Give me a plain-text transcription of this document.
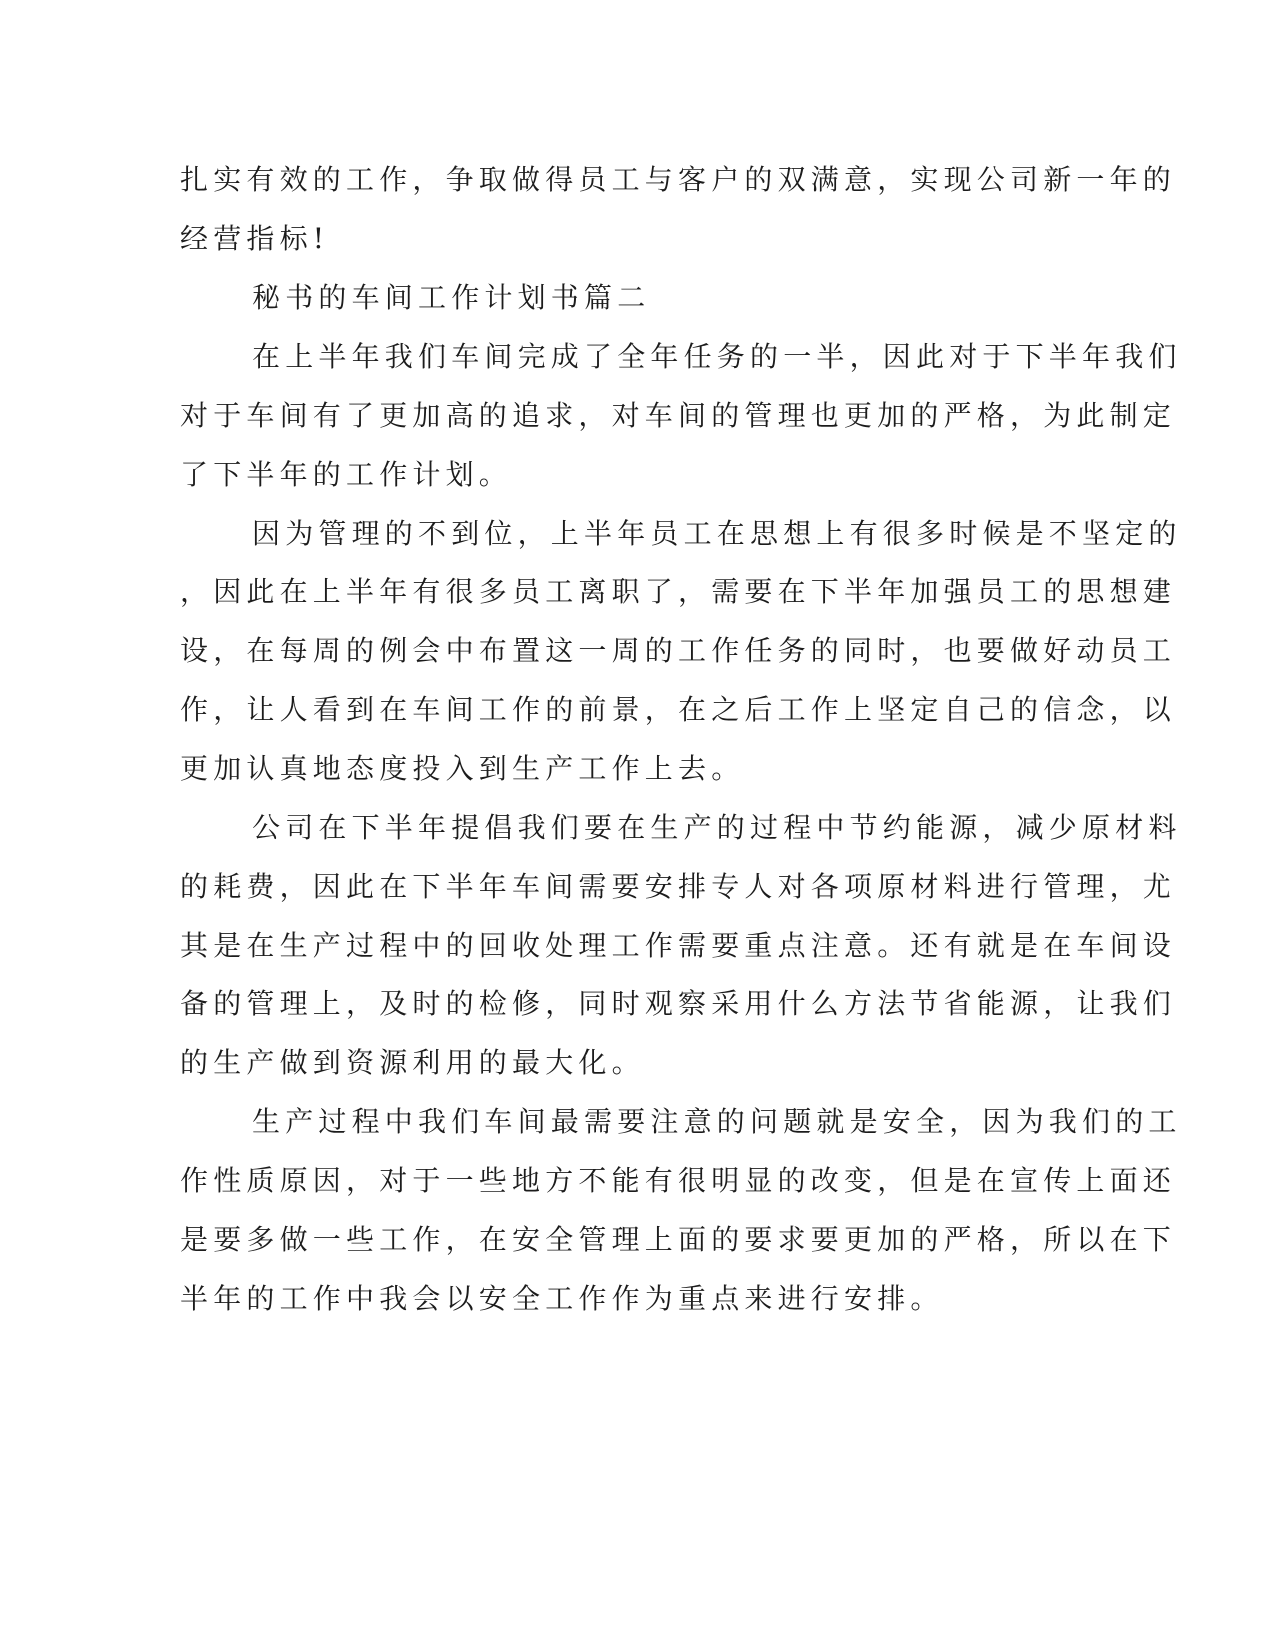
扎实有效的工作，争取做得员工与客户的双满意，实现公司新一年的
经营指标!
秘书的车间工作计划书篇二
在上半年我们车间完成了全年任务的一半，因此对于下半年我们
对于车间有了更加高的追求，对车间的管理也更加的严格，为此制定
了下半年的工作计划。
因为管理的不到位，上半年员工在思想上有很多时候是不坚定的
，因此在上半年有很多员工离职了，需要在下半年加强员工的思想建
设，在每周的例会中布置这一周的工作任务的同时，也要做好动员工
作，让人看到在车间工作的前景，在之后工作上坚定自己的信念，以
更加认真地态度投入到生产工作上去。
公司在下半年提倡我们要在生产的过程中节约能源，减少原材料
的耗费，因此在下半年车间需要安排专人对各项原材料进行管理，尤
其是在生产过程中的回收处理工作需要重点注意。还有就是在车间设
备的管理上，及时的检修，同时观察采用什么方法节省能源，让我们
的生产做到资源利用的最大化。
生产过程中我们车间最需要注意的问题就是安全，因为我们的工
作性质原因，对于一些地方不能有很明显的改变，但是在宣传上面还
是要多做一些工作，在安全管理上面的要求要更加的严格，所以在下
半年的工作中我会以安全工作作为重点来进行安排。
